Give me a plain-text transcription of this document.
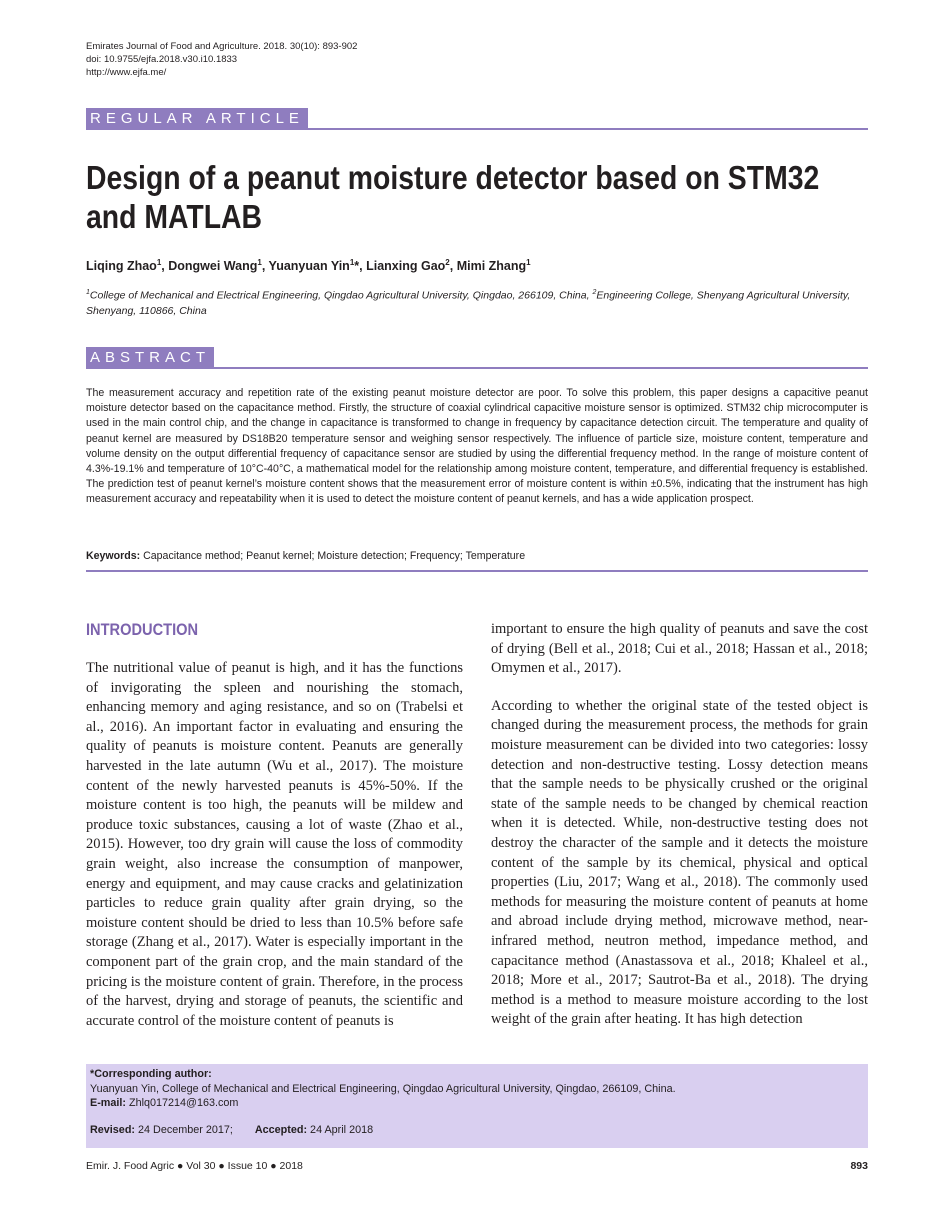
Emirates Journal of Food and Agriculture. 2018. 30(10): 893-902
doi: 10.9755/ejfa.2018.v30.i10.1833
http://www.ejfa.me/
REGULAR ARTICLE
Design of a peanut moisture detector based on STM32 and MATLAB
Liqing Zhao$^1$, Dongwei Wang$^1$, Yuanyuan Yin$^1$*, Lianxing Gao$^2$, Mimi Zhang$^1$
$^1$College of Mechanical and Electrical Engineering, Qingdao Agricultural University, Qingdao, 266109, China, $^2$Engineering College, Shenyang Agricultural University, Shenyang, 110866, China
ABSTRACT
The measurement accuracy and repetition rate of the existing peanut moisture detector are poor. To solve this problem, this paper designs a capacitive peanut moisture detector based on the capacitance method. Firstly, the structure of coaxial cylindrical capacitive moisture sensor is optimized. STM32 chip microcomputer is used in the main control chip, and the change in capacitance is transformed to change in frequency by capacitance detection circuit. The temperature and quality of peanut kernel are measured by DS18B20 temperature sensor and weighing sensor respectively. The influence of particle size, moisture content, temperature and volume density on the output differential frequency of capacitance sensor are studied by using the differential frequency method. In the range of moisture content of 4.3%-19.1% and temperature of 10°C-40°C, a mathematical model for the relationship among moisture content, temperature, and differential frequency is established. The prediction test of peanut kernel’s moisture content shows that the measurement error of moisture content is within ±0.5%, indicating that the instrument has high measurement accuracy and repeatability when it is used to detect the moisture content of peanut kernels, and has a wide application prospect.
Keywords: Capacitance method; Peanut kernel; Moisture detection; Frequency; Temperature
INTRODUCTION

The nutritional value of peanut is high, and it has the functions of invigorating the spleen and nourishing the stomach, enhancing memory and aging resistance, and so on (Trabelsi et al., 2016). An important factor in evaluating and ensuring the quality of peanuts is moisture content. Peanuts are generally harvested in the late autumn (Wu et al., 2017). The moisture content of the newly harvested peanuts is 45%-50%. If the moisture content is too high, the peanuts will be mildew and produce toxic substances, causing a lot of waste (Zhao et al., 2015). However, too dry grain will cause the loss of commodity grain weight, also increase the consumption of manpower, energy and equipment, and may cause cracks and gelatinization particles to reduce grain quality after grain drying, so the moisture content should be dried to less than 10.5% before safe storage (Zhang et al., 2017). Water is especially important in the component part of the grain crop, and the main standard of the pricing is the moisture content of grain. Therefore, in the process of the harvest, drying and storage of peanuts, the scientific and accurate control of the moisture content of peanuts is

important to ensure the high quality of peanuts and save the cost of drying (Bell et al., 2018; Cui et al., 2018; Hassan et al., 2018; Omymen et al., 2017).

According to whether the original state of the tested object is changed during the measurement process, the methods for grain moisture measurement can be divided into two categories: lossy detection and non-destructive testing. Lossy detection means that the sample needs to be physically crushed or the original state of the sample needs to be changed by chemical reaction when it is detected. While, non-destructive testing does not destroy the character of the sample and it detects the moisture content of the sample by its chemical, physical and optical properties (Liu, 2017; Wang et al., 2018). The commonly used methods for measuring the moisture content of peanuts at home and abroad include drying method, microwave method, near-infrared method, neutron method, impedance method, and capacitance method (Anastassova et al., 2018; Khaleel et al., 2018; More et al., 2017; Sautrot-Ba et al., 2018). The drying method is a method to measure moisture according to the lost weight of the grain after heating. It has high detection

*Corresponding author:
Yuanyuan Yin, College of Mechanical and Electrical Engineering, Qingdao Agricultural University, Qingdao, 266109, China.
E-mail: Zhlq017214@163.com
Revised: 24 December 2017; Accepted: 24 April 2018
Emir. J. Food Agric ● Vol 30 ● Issue 10 ● 2018	893
